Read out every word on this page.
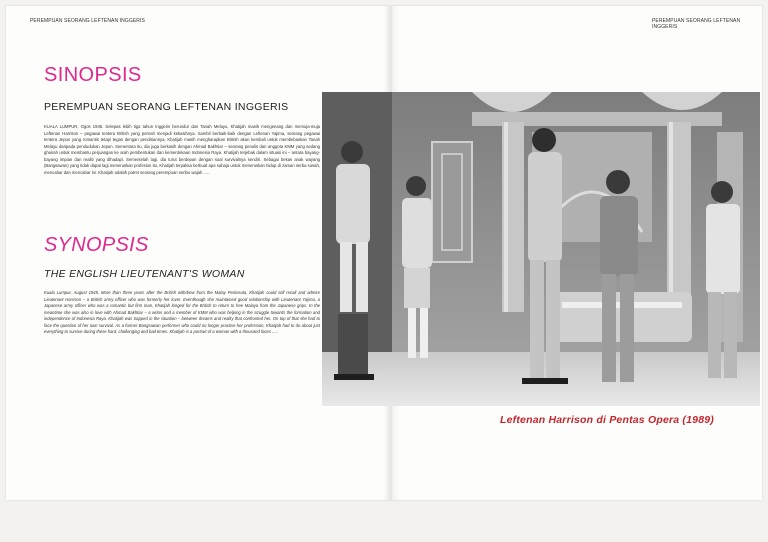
PEREMPUAN SEORANG LEFTENAN INGGERIS	PEREMPUAN SEORANG LEFTENAN INGGERIS
SINOPSIS
PEREMPUAN SEORANG LEFTENAN INGGERIS
KUALA LUMPUR, Ogos 1945. Selepas lebih tiga tahun Inggeris berundur dari Tanah Melayu, Khatijah masih mengenang dan memuja-muja Leftenan Harrison – pegawai tentera British yang pernah menjadi kekasihnya. Sambil berbaik-baik dengan Leftenan Yajima, seorang pegawai tentera Jepun yang romantis tetapi tegas dengan pendiriannya, Khatijah masih mengharapkan British akan kembali untuk membebaskan Tanah Melayu daripada pendudukan Jepun. Sementara itu, dia juga berkasih dengan Ahmad Bakhtiar – seorang penulis dan anggota KMM yang sedang ghairah untuk membantu perjuangan ke arah pembentukan dan kemerdekaan Indonesia Raya. Khatijah terjebak dalam situasi ini – antara bayang-bayang impian dan realiti yang dihadapi. Sementelah lagi, dia turut berdepan dengan soal survivalnya sendiri. Sebagai bekas anak wayang (Bangsawan) yang tidak dapat lagi meneruskan profesion itu, Khatijah terpaksa berbuat apa sahaja untuk meneruskan hidup di zaman serba susah, mencabar dan mencabar ini. Khatijah adalah potret seorang perempuan seribu wajah .....
SYNOPSIS
THE ENGLISH LIEUTENANT'S WOMAN
Kuala Lumpur, August 1945. More than three years after the British withdrew from the Malay Peninsula, Khatijah could still recall and admire Lieutenant Harrison – a British army officer who was formerly her lover. Eventhough she maintained good relationship with Lieutenant Yajima, a Japanese army officer who was a romantic but firm man, Khatijah longed for the British to return to free Malaya from the Japanese grips. In the meantime she was also in love with Ahmad Bakhtiar – a writer and a member of KMM who was helping in the struggle towards the formation and independence of Indonesia Raya. Khatijah was trapped in the situation – between dreams and reality that confronted her. On top of that she had to face the question of her own survival. As a former Bangsawan performer who could no longer practise her profession, Khatijah had to do about just everything to survive during these hard, challenging and bad times. Khatijah is a portrait of a woman with a thousand faces .....
Leftenan Harrison di Pentas Opera (1989)
